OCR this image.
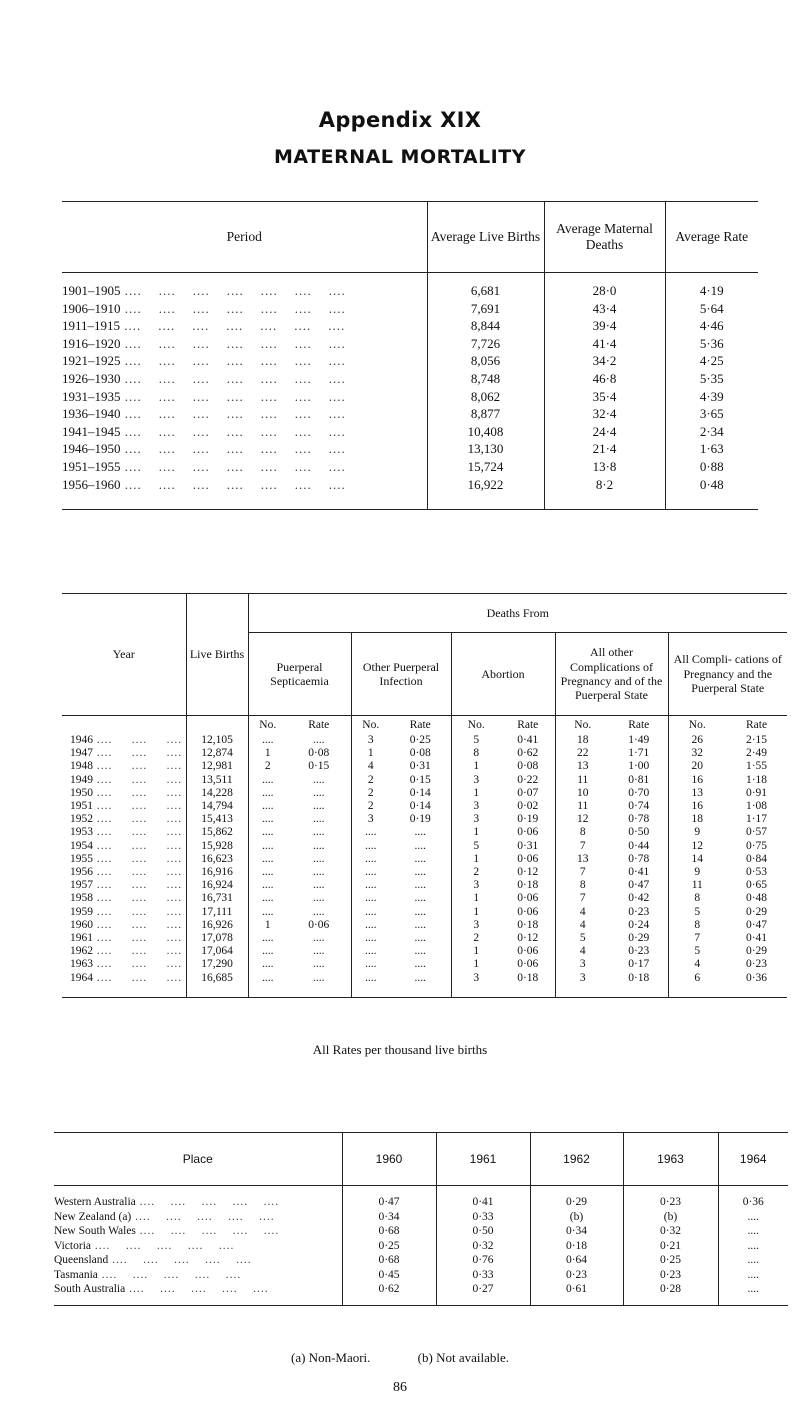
Appendix XIX
MATERNAL MORTALITY
Period	Average Live Births	Average Maternal Deaths	Average Rate

1901–1905 ....    ....    ....    ....    ....    ....    ....	6,681	28·0	4·19
1906–1910 ....    ....    ....    ....    ....    ....    ....	7,691	43·4	5·64
1911–1915 ....    ....    ....    ....    ....    ....    ....	8,844	39·4	4·46
1916–1920 ....    ....    ....    ....    ....    ....    ....	7,726	41·4	5·36
1921–1925 ....    ....    ....    ....    ....    ....    ....	8,056	34·2	4·25
1926–1930 ....    ....    ....    ....    ....    ....    ....	8,748	46·8	5·35
1931–1935 ....    ....    ....    ....    ....    ....    ....	8,062	35·4	4·39
1936–1940 ....    ....    ....    ....    ....    ....    ....	8,877	32·4	3·65
1941–1945 ....    ....    ....    ....    ....    ....    ....	10,408	24·4	2·34
1946–1950 ....    ....    ....    ....    ....    ....    ....	13,130	21·4	1·63
1951–1955 ....    ....    ....    ....    ....    ....    ....	15,724	13·8	0·88
1956–1960 ....    ....    ....    ....    ....    ....    ....	16,922	8·2	0·48

Year	Live Births	Deaths From									
		Puerperal Septicaemia		Other Puerperal Infection		Abortion		All other Complications of Pregnancy and of the Puerperal State		All Compli- cations of Pregnancy and the Puerperal State	
		No.	Rate	No.	Rate	No.	Rate	No.	Rate	No.	Rate
1946 ....     ....     ....	12,105	....	....	3	0·25	5	0·41	18	1·49	26	2·15
1947 ....     ....     ....	12,874	1	0·08	1	0·08	8	0·62	22	1·71	32	2·49
1948 ....     ....     ....	12,981	2	0·15	4	0·31	1	0·08	13	1·00	20	1·55
1949 ....     ....     ....	13,511	....	....	2	0·15	3	0·22	11	0·81	16	1·18
1950 ....     ....     ....	14,228	....	....	2	0·14	1	0·07	10	0·70	13	0·91
1951 ....     ....     ....	14,794	....	....	2	0·14	3	0·02	11	0·74	16	1·08
1952 ....     ....     ....	15,413	....	....	3	0·19	3	0·19	12	0·78	18	1·17
1953 ....     ....     ....	15,862	....	....	....	....	1	0·06	8	0·50	9	0·57
1954 ....     ....     ....	15,928	....	....	....	....	5	0·31	7	0·44	12	0·75
1955 ....     ....     ....	16,623	....	....	....	....	1	0·06	13	0·78	14	0·84
1956 ....     ....     ....	16,916	....	....	....	....	2	0·12	7	0·41	9	0·53
1957 ....     ....     ....	16,924	....	....	....	....	3	0·18	8	0·47	11	0·65
1958 ....     ....     ....	16,731	....	....	....	....	1	0·06	7	0·42	8	0·48
1959 ....     ....     ....	17,111	....	....	....	....	1	0·06	4	0·23	5	0·29
1960 ....     ....     ....	16,926	1	0·06	....	....	3	0·18	4	0·24	8	0·47
1961 ....     ....     ....	17,078	....	....	....	....	2	0·12	5	0·29	7	0·41
1962 ....     ....     ....	17,064	....	....	....	....	1	0·06	4	0·23	5	0·29
1963 ....     ....     ....	17,290	....	....	....	....	1	0·06	3	0·17	4	0·23
1964 ....     ....     ....	16,685	....	....	....	....	3	0·18	3	0·18	6	0·36

All Rates per thousand live births
Place	1960	1961	1962	1963	1964

Western Australia ....    ....    ....    ....    ....	0·47	0·41	0·29	0·23	0·36
New Zealand (a) ....    ....    ....    ....    ....	0·34	0·33	(b)	(b)	....
New South Wales ....    ....    ....    ....    ....	0·68	0·50	0·34	0·32	....
Victoria ....    ....    ....    ....    ....	0·25	0·32	0·18	0·21	....
Queensland ....    ....    ....    ....    ....	0·68	0·76	0·64	0·25	....
Tasmania ....    ....    ....    ....    ....	0·45	0·33	0·23	0·23	....
South Australia ....    ....    ....    ....    ....	0·62	0·27	0·61	0·28	....

(a) Non-Maori.	(b) Not available.
86
